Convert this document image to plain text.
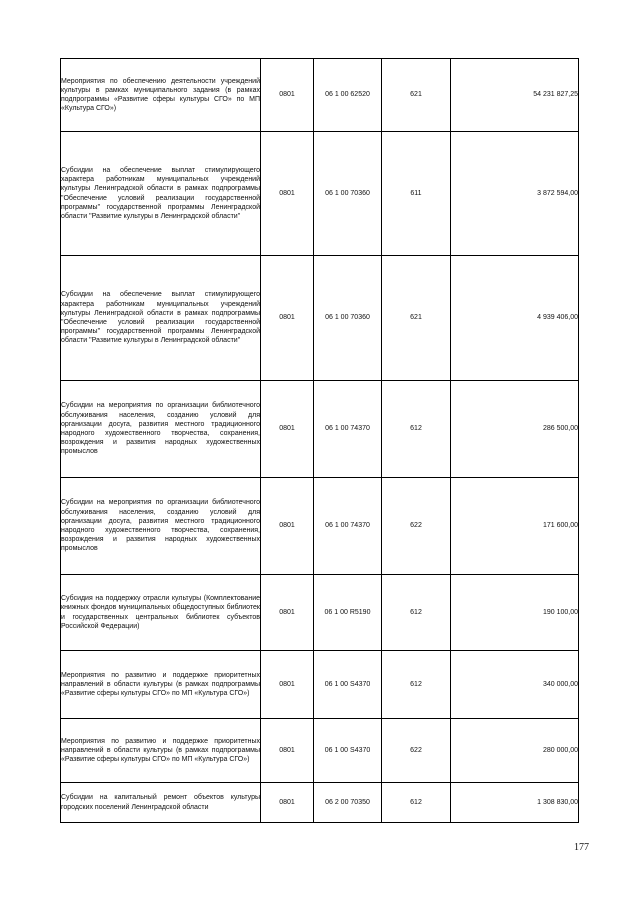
Мероприятия по обеспечению деятельности учреждений культуры в рамках муниципального задания (в рамках подпрограммы «Развитие сферы культуры СГО» по МП «Культура СГО»)	0801	06 1 00 62520	621	54 231 827,25
Субсидии на обеспечение выплат стимулирующего характера работникам муниципальных учреждений культуры Ленинградской области в рамках подпрограммы "Обеспечение условий реализации государственной программы" государственной программы Ленинградской области "Развитие культуры в Ленинградской области"	0801	06 1 00 70360	611	3 872 594,00
Субсидии на обеспечение выплат стимулирующего характера работникам муниципальных учреждений культуры Ленинградской области в рамках подпрограммы "Обеспечение условий реализации государственной программы" государственной программы Ленинградской области "Развитие культуры в Ленинградской области"	0801	06 1 00 70360	621	4 939 406,00
Субсидии на мероприятия по организации библиотечного обслуживания населения, созданию условий для организации досуга, развития местного традиционного народного художественного творчества, сохранения, возрождения и развития народных художественных промыслов	0801	06 1 00 74370	612	286 500,00
Субсидии на мероприятия по организации библиотечного обслуживания населения, созданию условий для организации досуга, развития местного традиционного народного художественного творчества, сохранения, возрождения и развития народных художественных промыслов	0801	06 1 00 74370	622	171 600,00
Субсидия на поддержку отрасли культуры (Комплектование книжных фондов муниципальных общедоступных библиотек и государственных центральных библиотек субъектов Российской Федерации)	0801	06 1 00 R5190	612	190 100,00
Мероприятия по развитию и поддержке приоритетных направлений в области культуры (в рамках подпрограммы «Развитие сферы культуры СГО» по МП «Культура СГО»)	0801	06 1 00 S4370	612	340 000,00
Мероприятия по развитию и поддержке приоритетных направлений в области культуры (в рамках подпрограммы «Развитие сферы культуры СГО» по МП «Культура СГО»)	0801	06 1 00 S4370	622	280 000,00
Субсидии на капитальный ремонт объектов культуры городских поселений Ленинградской области	0801	06 2 00 70350	612	1 308 830,00
177
